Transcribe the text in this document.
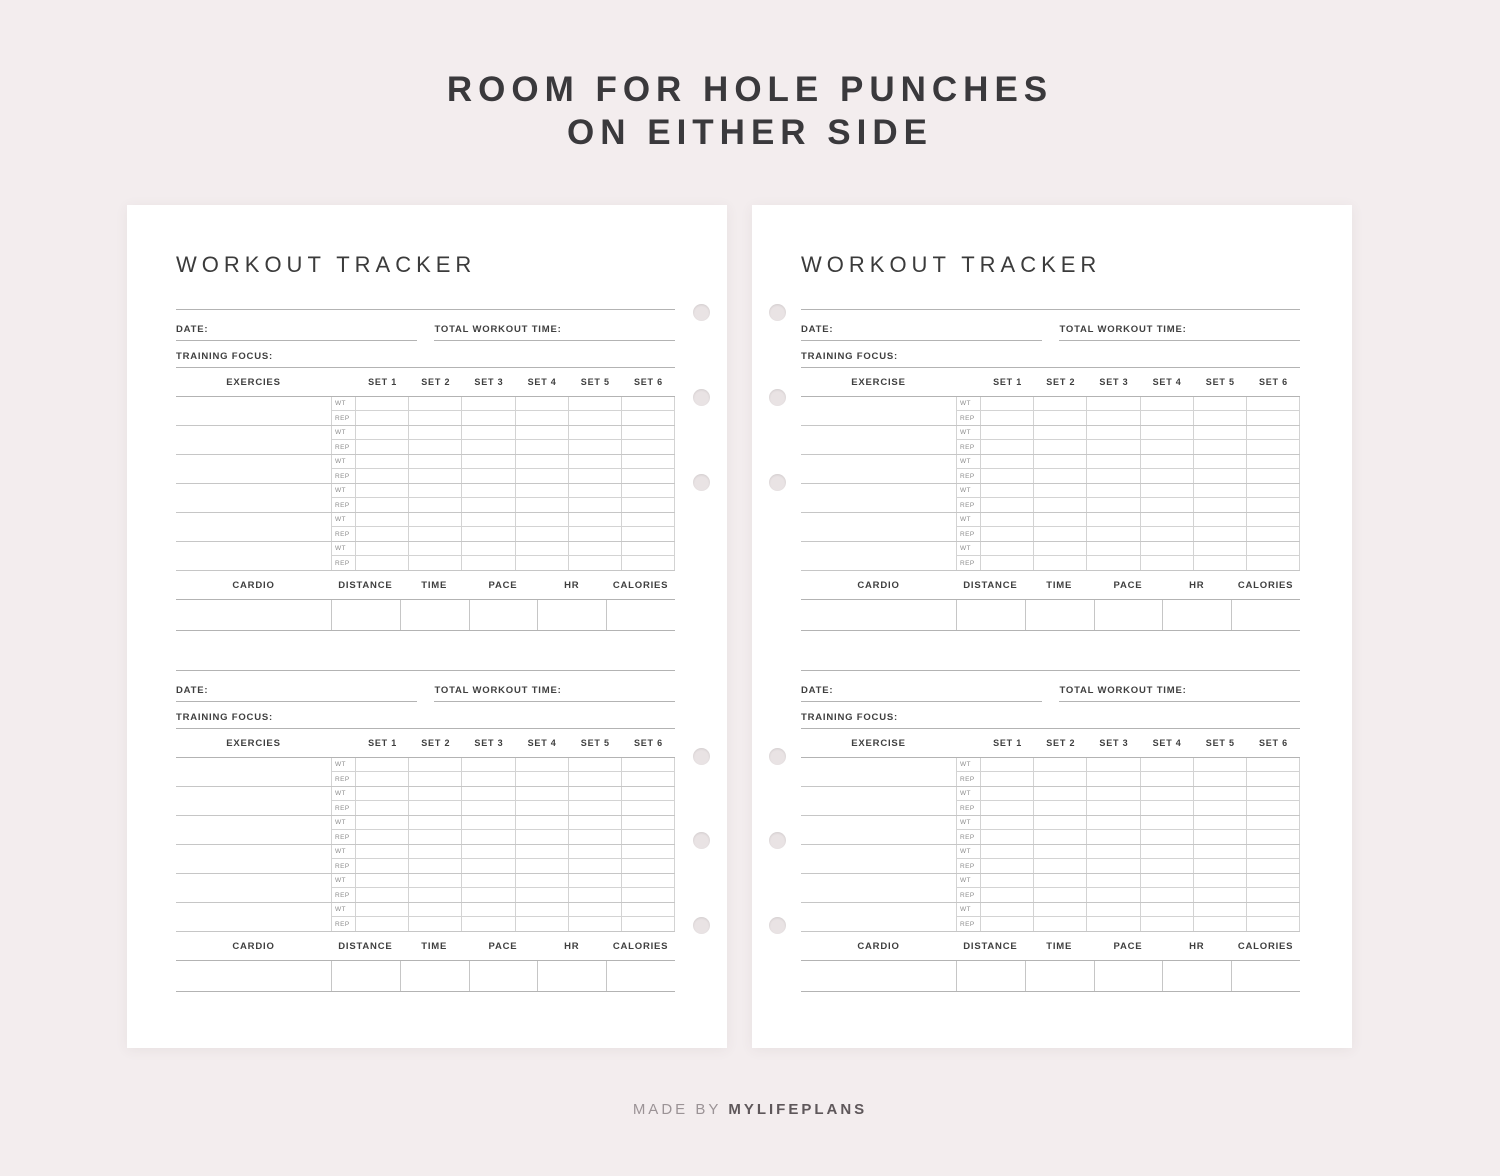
ROOM FOR HOLE PUNCHES
ON EITHER SIDE
WORKOUT TRACKER
DATE:	TOTAL WORKOUT TIME:
TRAINING FOCUS:
EXERCIES	SET 1	SET 2	SET 3	SET 4	SET 5	SET 6
WT
REP
WT
REP
WT
REP
WT
REP
WT
REP
WT
REP
CARDIO	DISTANCE	TIME	PACE	HR	CALORIES
DATE:	TOTAL WORKOUT TIME:
TRAINING FOCUS:
EXERCIES	SET 1	SET 2	SET 3	SET 4	SET 5	SET 6
WT
REP
WT
REP
WT
REP
WT
REP
WT
REP
WT
REP
CARDIO	DISTANCE	TIME	PACE	HR	CALORIES
WORKOUT TRACKER
DATE:	TOTAL WORKOUT TIME:
TRAINING FOCUS:
EXERCISE	SET 1	SET 2	SET 3	SET 4	SET 5	SET 6
WT
REP
WT
REP
WT
REP
WT
REP
WT
REP
WT
REP
CARDIO	DISTANCE	TIME	PACE	HR	CALORIES
DATE:	TOTAL WORKOUT TIME:
TRAINING FOCUS:
EXERCISE	SET 1	SET 2	SET 3	SET 4	SET 5	SET 6
WT
REP
WT
REP
WT
REP
WT
REP
WT
REP
WT
REP
CARDIO	DISTANCE	TIME	PACE	HR	CALORIES
MADE BY MYLIFEPLANS
